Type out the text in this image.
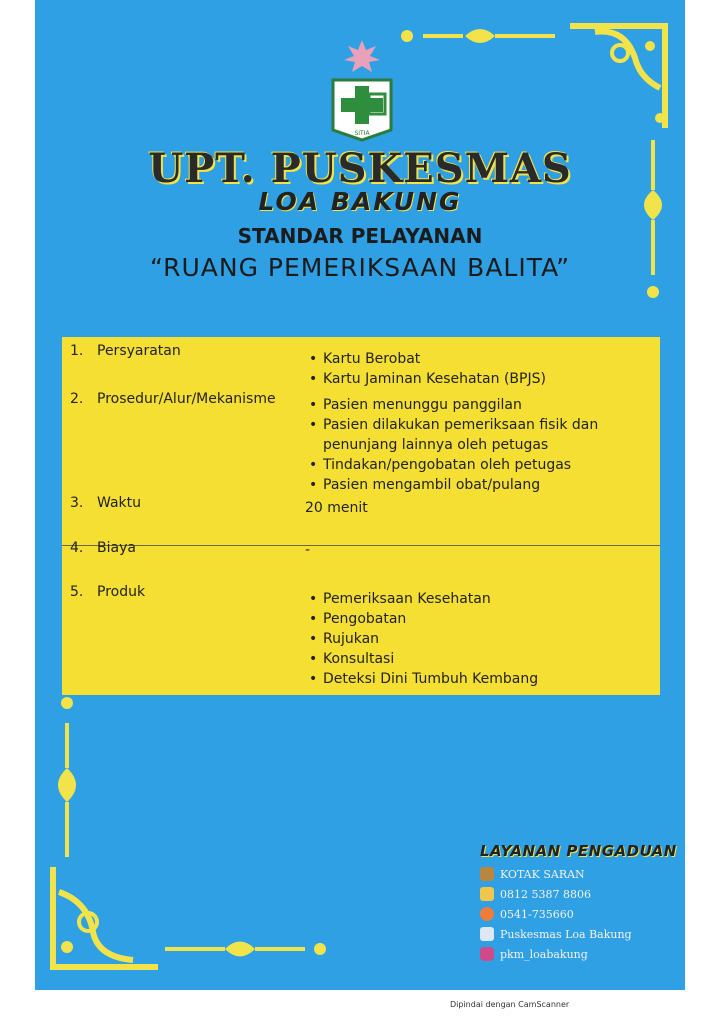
SITIA
UPT. PUSKESMAS
LOA BAKUNG
STANDAR PELAYANAN
“RUANG PEMERIKSAAN BALITA”
1. Persyaratan	• Kartu Berobat
• Kartu Jaminan Kesehatan (BPJS)
2. Prosedur/Alur/Mekanisme	• Pasien menunggu panggilan
• Pasien dilakukan pemeriksaan fisik dan penunjang lainnya oleh petugas
• Tindakan/pengobatan oleh petugas
• Pasien mengambil obat/pulang
3. Waktu	20 menit
4. Biaya	-
5. Produk	• Pemeriksaan Kesehatan
• Pengobatan
• Rujukan
• Konsultasi
• Deteksi Dini Tumbuh Kembang
LAYANAN PENGADUAN
KOTAK SARAN
0812 5387 8806
0541-735660
Puskesmas Loa Bakung
pkm_loabakung
Dipindai dengan CamScanner
